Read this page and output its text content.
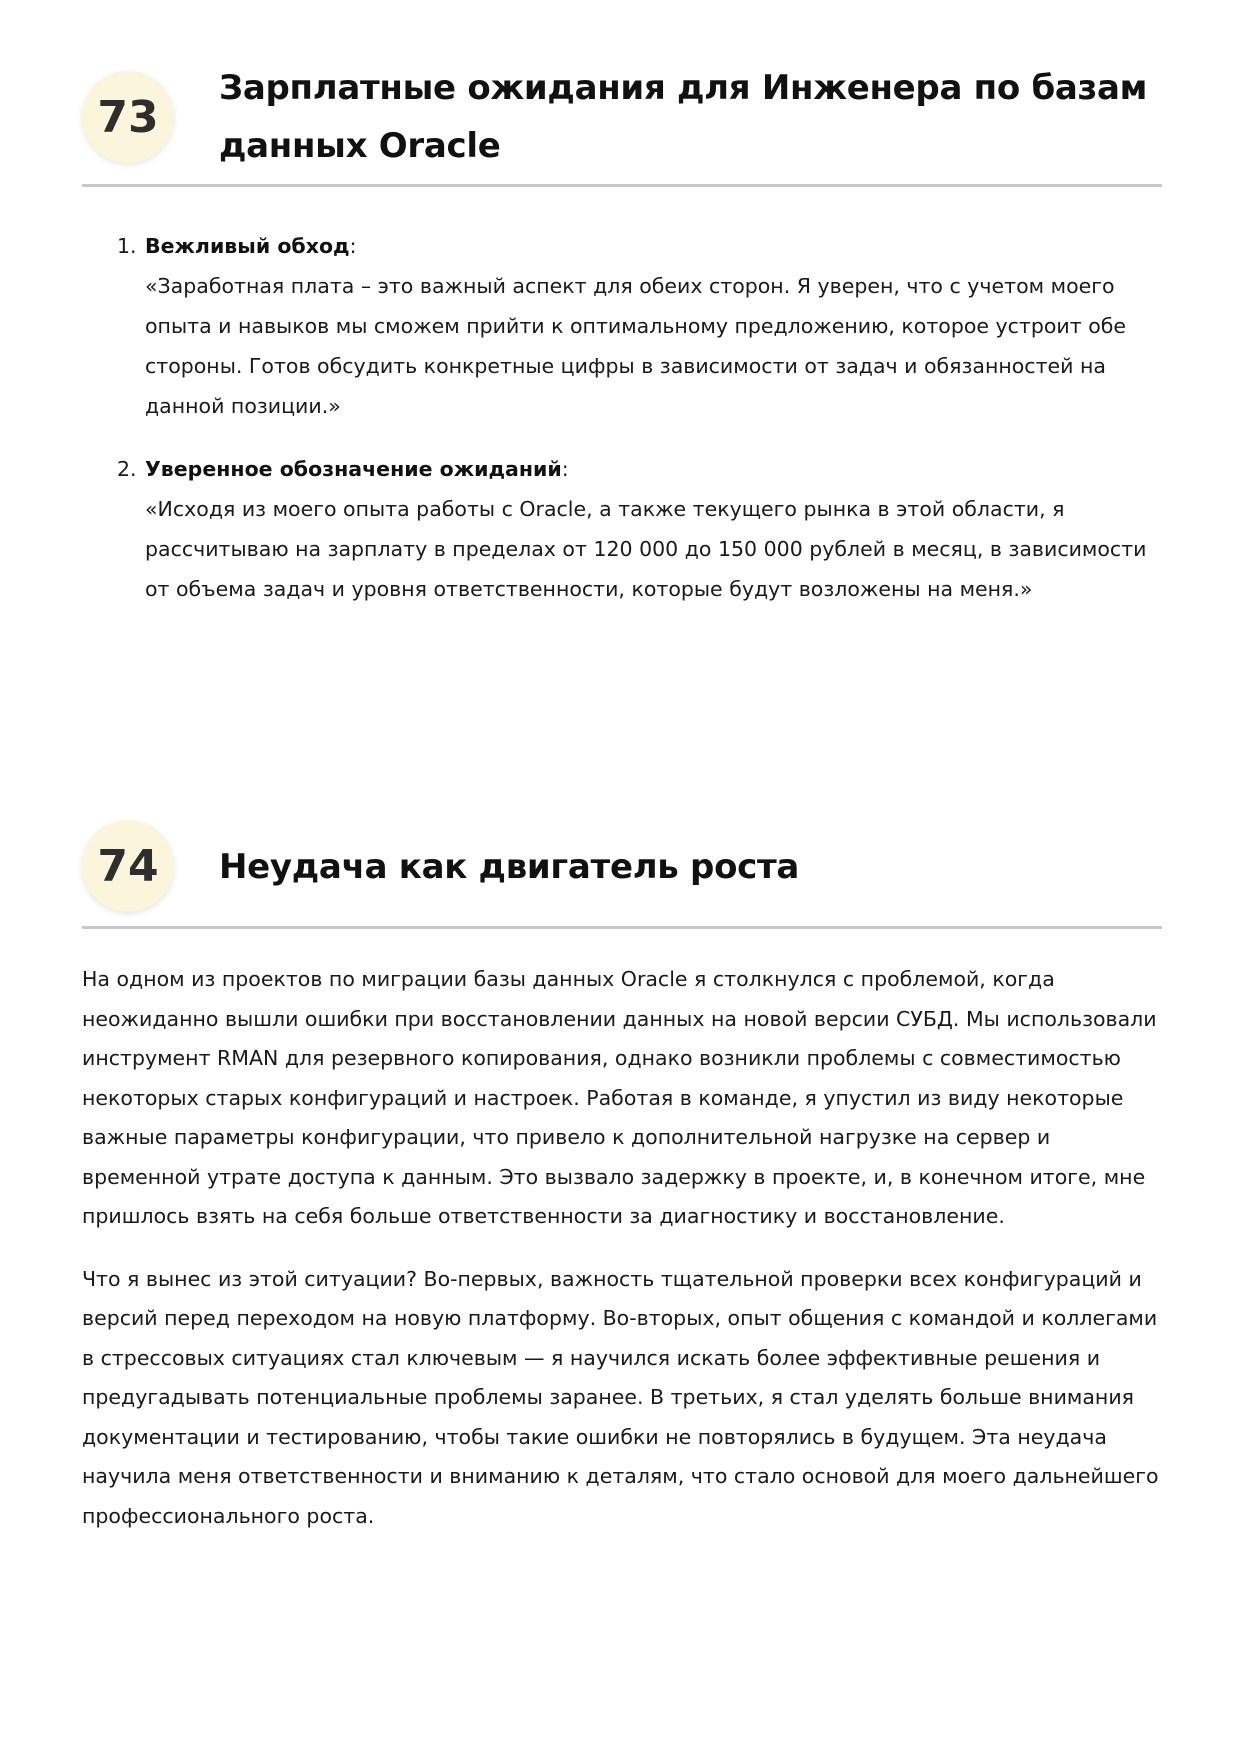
73
Зарплатные ожидания для Инженера по базам данных Oracle
1. Вежливый обход:
«Заработная плата – это важный аспект для обеих сторон. Я уверен, что с учетом моего опыта и навыков мы сможем прийти к оптимальному предложению, которое устроит обе стороны. Готов обсудить конкретные цифры в зависимости от задач и обязанностей на данной позиции.»
2. Уверенное обозначение ожиданий:
«Исходя из моего опыта работы с Oracle, а также текущего рынка в этой области, я рассчитываю на зарплату в пределах от 120 000 до 150 000 рублей в месяц, в зависимости от объема задач и уровня ответственности, которые будут возложены на меня.»
74	Неудача как двигатель роста

На одном из проектов по миграции базы данных Oracle я столкнулся с проблемой, когда неожиданно вышли ошибки при восстановлении данных на новой версии СУБД. Мы использовали инструмент RMAN для резервного копирования, однако возникли проблемы с совместимостью некоторых старых конфигураций и настроек. Работая в команде, я упустил из виду некоторые важные параметры конфигурации, что привело к дополнительной нагрузке на сервер и временной утрате доступа к данным. Это вызвало задержку в проекте, и, в конечном итоге, мне пришлось взять на себя больше ответственности за диагностику и восстановление.

Что я вынес из этой ситуации? Во-первых, важность тщательной проверки всех конфигураций и версий перед переходом на новую платформу. Во-вторых, опыт общения с командой и коллегами в стрессовых ситуациях стал ключевым — я научился искать более эффективные решения и предугадывать потенциальные проблемы заранее. В третьих, я стал уделять больше внимания документации и тестированию, чтобы такие ошибки не повторялись в будущем. Эта неудача научила меня ответственности и вниманию к деталям, что стало основой для моего дальнейшего профессионального роста.
